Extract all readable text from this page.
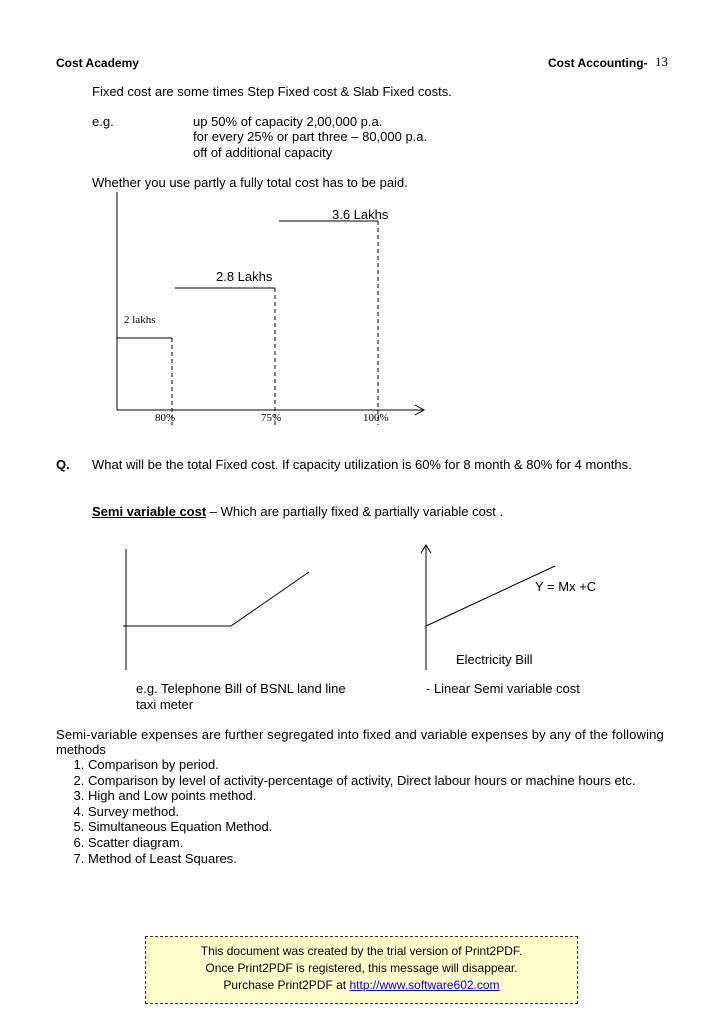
Cost Academy	Cost Accounting- 13
Fixed cost are some times Step Fixed cost & Slab Fixed costs.
e.g.	up 50% of capacity 2,00,000 p.a.
for every 25% or part three – 80,000 p.a.
off of additional capacity
Whether you use partly a fully total cost has to be paid.
3.6 Lakhs
2.8 Lakhs
2 lakhs
80%	75%	100%
Q. What will be the total Fixed cost. If capacity utilization is 60% for 8 month & 80% for 4 months.
Semi variable cost – Which are partially fixed & partially variable cost .
Y = Mx +C
Electricity Bill
e.g. Telephone Bill of BSNL land line
taxi meter
- Linear Semi variable cost
Semi-variable expenses are further segregated into fixed and variable expenses by any of the following
methods
1. Comparison by period.
2. Comparison by level of activity-percentage of activity, Direct labour hours or machine hours etc.
3. High and Low points method.
4. Survey method.
5. Simultaneous Equation Method.
6. Scatter diagram.
7. Method of Least Squares.
This document was created by the trial version of Print2PDF.
Once Print2PDF is registered, this message will disappear.
Purchase Print2PDF at http://www.software602.com
